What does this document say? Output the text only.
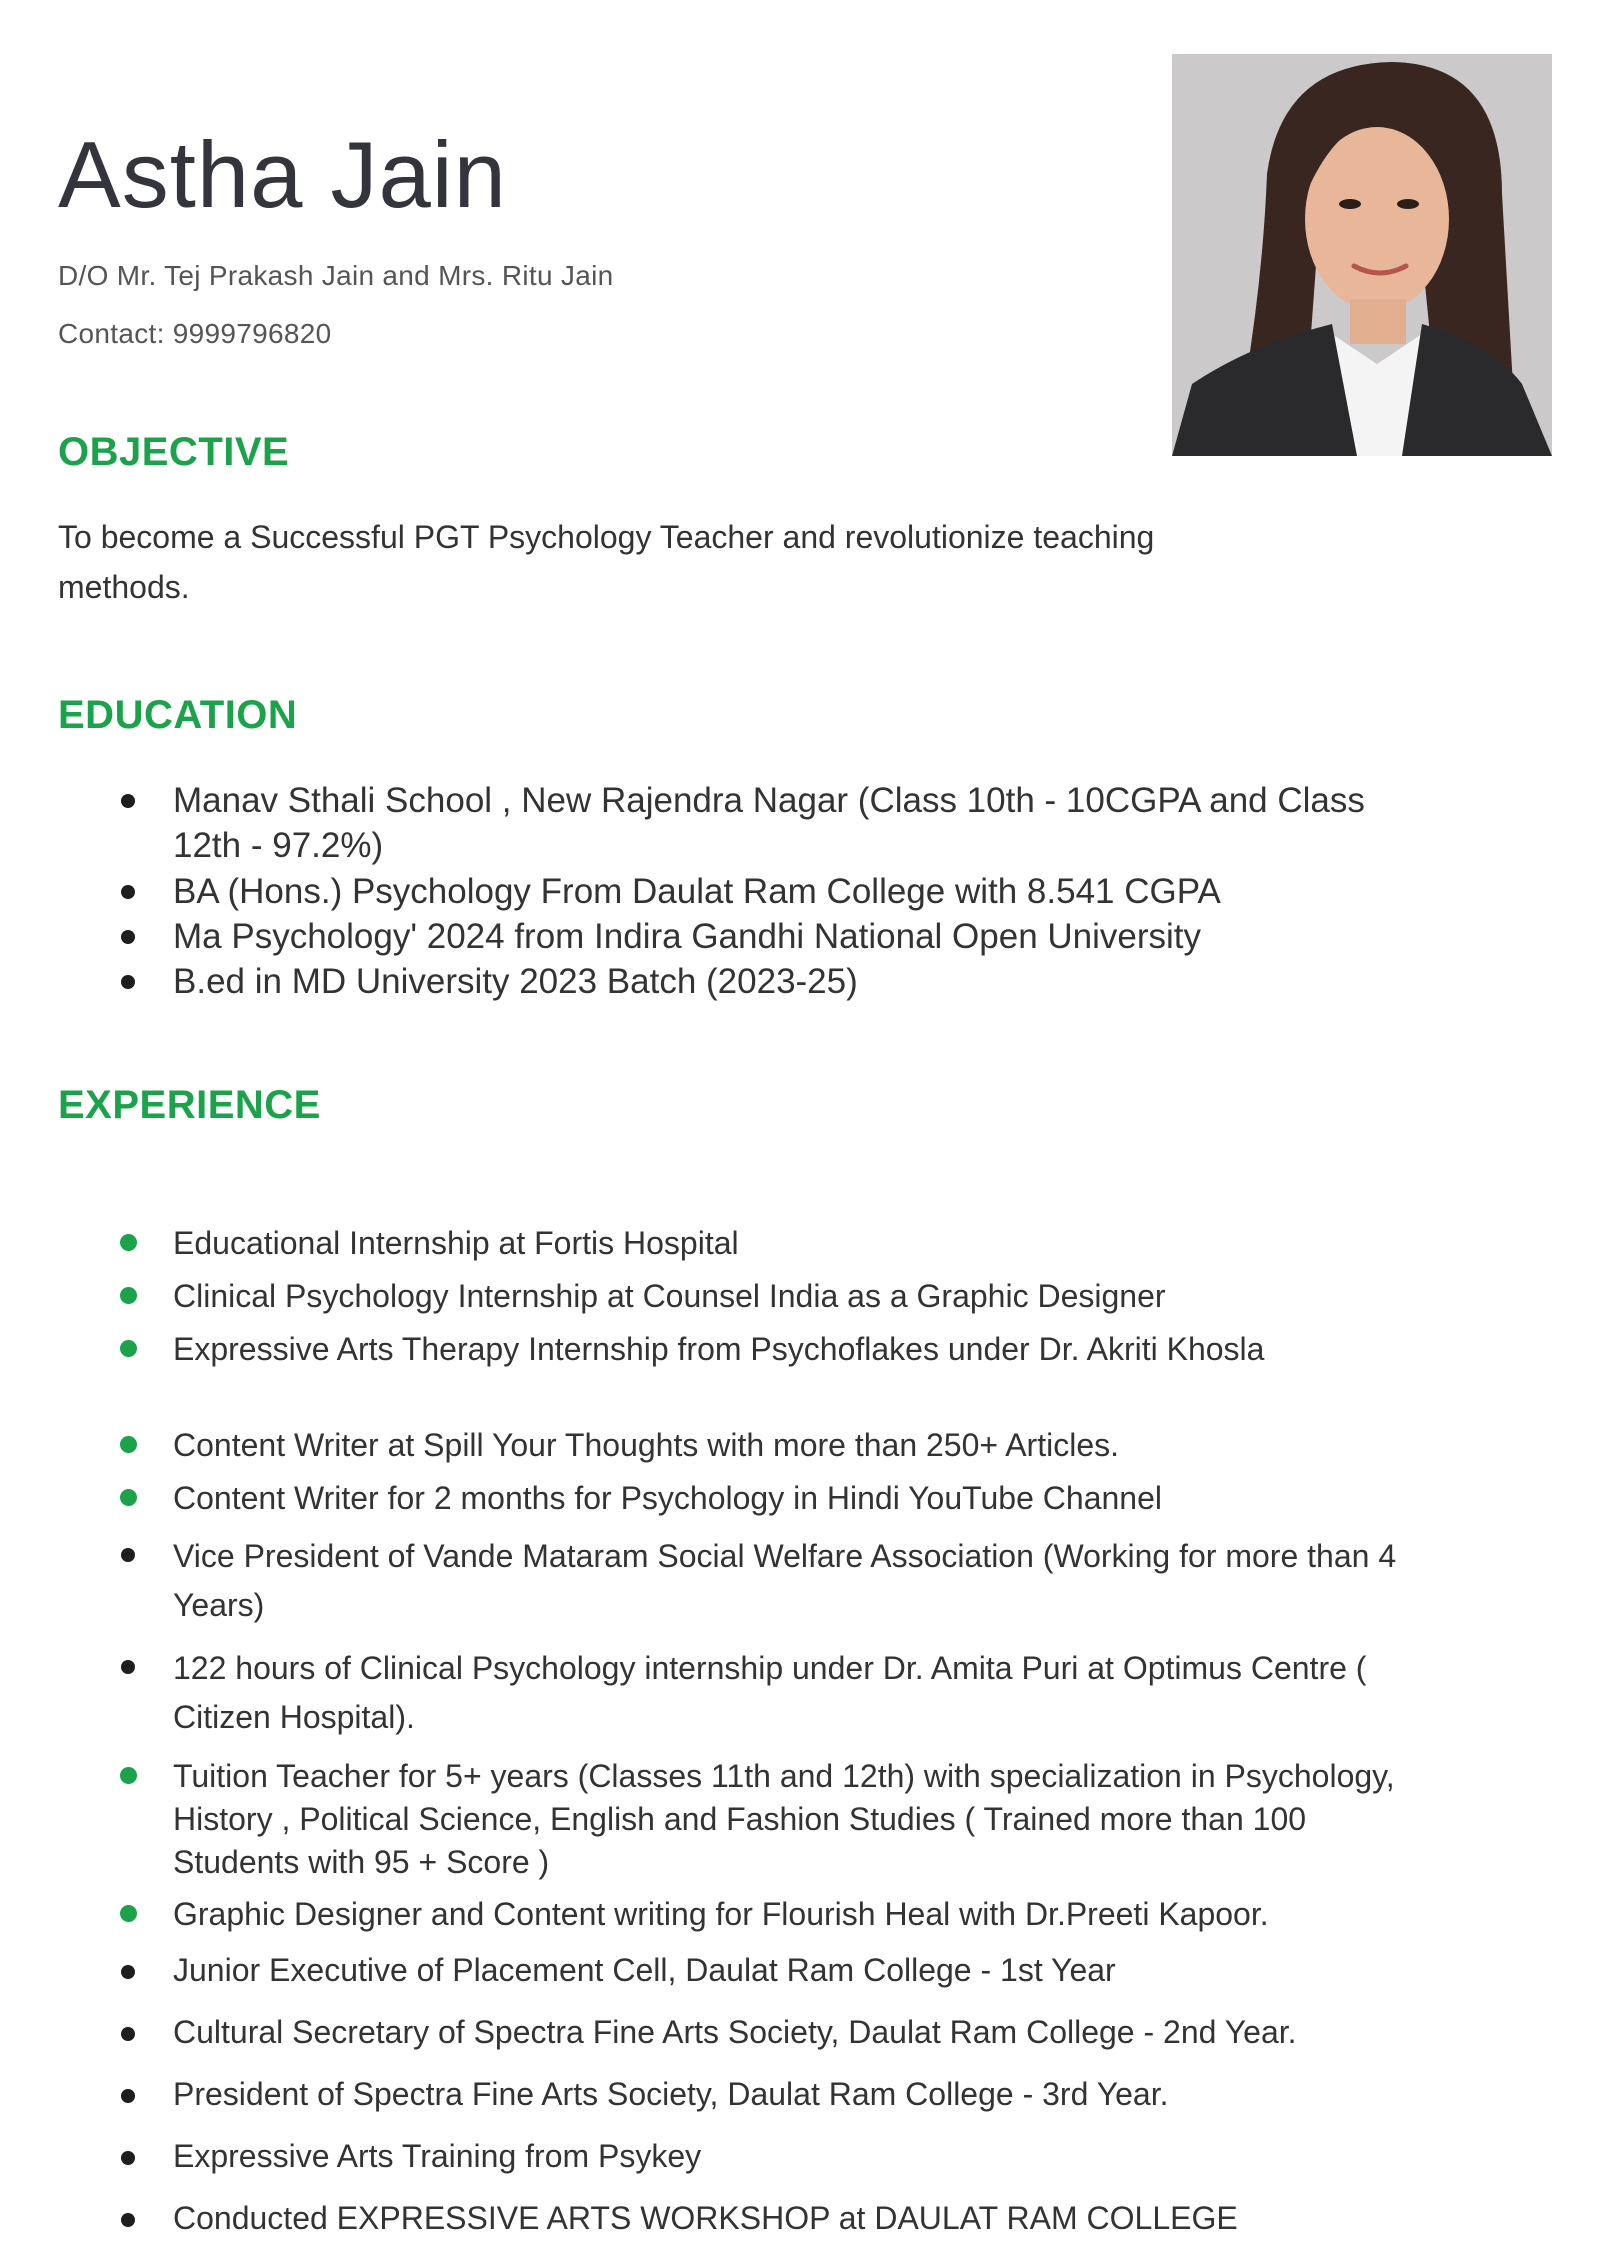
Astha Jain
D/O Mr. Tej Prakash Jain and Mrs. Ritu Jain
Contact: 9999796820
OBJECTIVE

To become a Successful PGT Psychology Teacher and revolutionize teaching methods.

EDUCATION
Manav Sthali School , New Rajendra Nagar (Class 10th - 10CGPA and Class 12th - 97.2%)
BA (Hons.) Psychology From Daulat Ram College with 8.541 CGPA
Ma Psychology' 2024 from Indira Gandhi National Open University
B.ed in MD University 2023 Batch (2023-25)
EXPERIENCE
Educational Internship at Fortis Hospital
Clinical Psychology Internship at Counsel India as a Graphic Designer
Expressive Arts Therapy Internship from Psychoflakes under Dr. Akriti Khosla
Content Writer at Spill Your Thoughts with more than 250+ Articles.
Content Writer for 2 months for Psychology in Hindi YouTube Channel
Vice President of Vande Mataram Social Welfare Association (Working for more than 4 Years)
122 hours of Clinical Psychology internship under Dr. Amita Puri at Optimus Centre ( Citizen Hospital).
Tuition Teacher for 5+ years (Classes 11th and 12th) with specialization in Psychology, History , Political Science, English and Fashion Studies ( Trained more than 100 Students with 95 + Score )
Graphic Designer and Content writing for Flourish Heal with Dr.Preeti Kapoor.
Junior Executive of Placement Cell, Daulat Ram College - 1st Year
Cultural Secretary of Spectra Fine Arts Society, Daulat Ram College - 2nd Year.
President of Spectra Fine Arts Society, Daulat Ram College - 3rd Year.
Expressive Arts Training from Psykey
Conducted EXPRESSIVE ARTS WORKSHOP at DAULAT RAM COLLEGE
